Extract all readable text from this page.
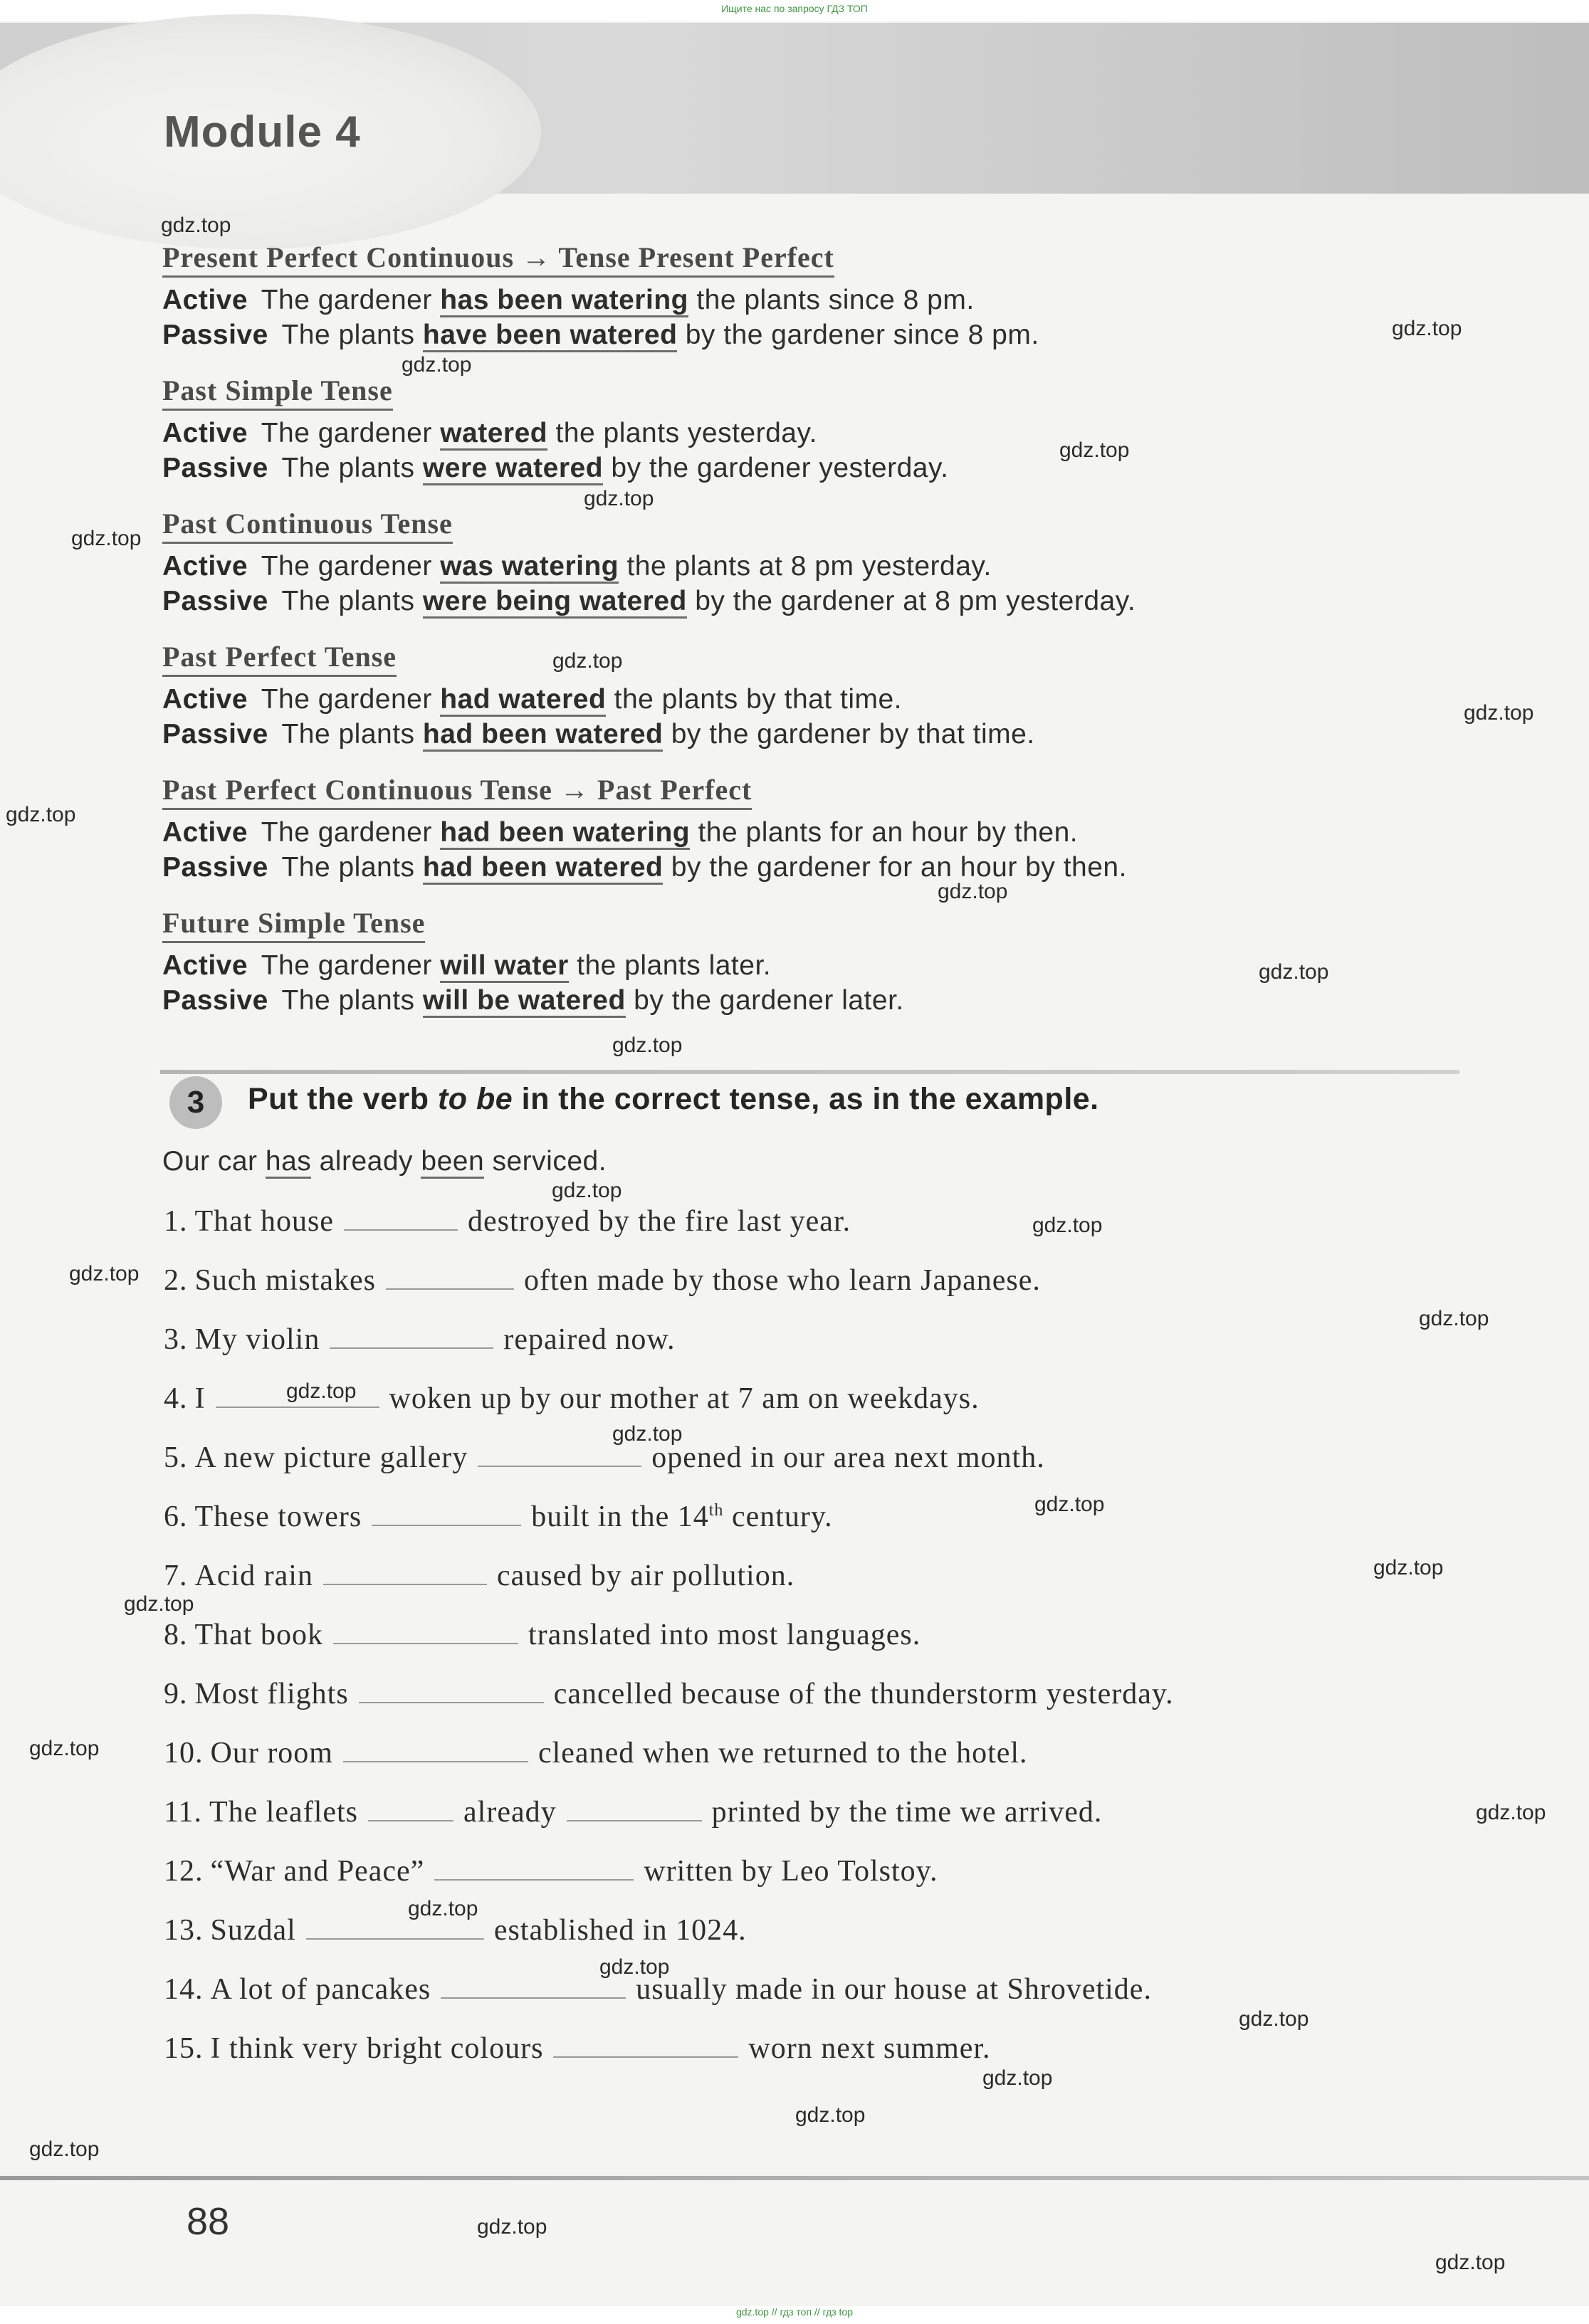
Module 4
Ищите нас по запросу ГДЗ ТОП
Present Perfect Continuous → Tense Present Perfect
Active The gardener has been watering the plants since 8 pm.
Passive The plants have been watered by the gardener since 8 pm.
Past Simple Tense
Active The gardener watered the plants yesterday.
Passive The plants were watered by the gardener yesterday.
Past Continuous Tense
Active The gardener was watering the plants at 8 pm yesterday.
Passive The plants were being watered by the gardener at 8 pm yesterday.
Past Perfect Tense
Active The gardener had watered the plants by that time.
Passive The plants had been watered by the gardener by that time.
Past Perfect Continuous Tense → Past Perfect
Active The gardener had been watering the plants for an hour by then.
Passive The plants had been watered by the gardener for an hour by then.
Future Simple Tense
Active The gardener will water the plants later.
Passive The plants will be watered by the gardener later.
3	Put the verb to be in the correct tense, as in the example.
Our car has already been serviced.
1. That house	destroyed by the fire last year.
2. Such mistakes	often made by those who learn Japanese.
3. My violin	repaired now.
4. I	woken up by our mother at 7 am on weekdays.
5. A new picture gallery	opened in our area next month.
6. These towers	built in the 14th century.
7. Acid rain	caused by air pollution.
8. That book	translated into most languages.
9. Most flights	cancelled because of the thunderstorm yesterday.
10. Our room	cleaned when we returned to the hotel.
11. The leaflets	already	printed by the time we arrived.
12. “War and Peace”	written by Leo Tolstoy.
13. Suzdal	established in 1024.
14. A lot of pancakes	usually made in our house at Shrovetide.
15. I think very bright colours	worn next summer.
88
gdz.top // гдз топ // гдз top
gdz.top
gdz.top
gdz.top
gdz.top
gdz.top
gdz.top
gdz.top
gdz.top
gdz.top
gdz.top
gdz.top
gdz.top
gdz.top
gdz.top
gdz.top
gdz.top
gdz.top
gdz.top
gdz.top
gdz.top
gdz.top
gdz.top
gdz.top
gdz.top
gdz.top
gdz.top
gdz.top
gdz.top
gdz.top
gdz.top
gdz.top
